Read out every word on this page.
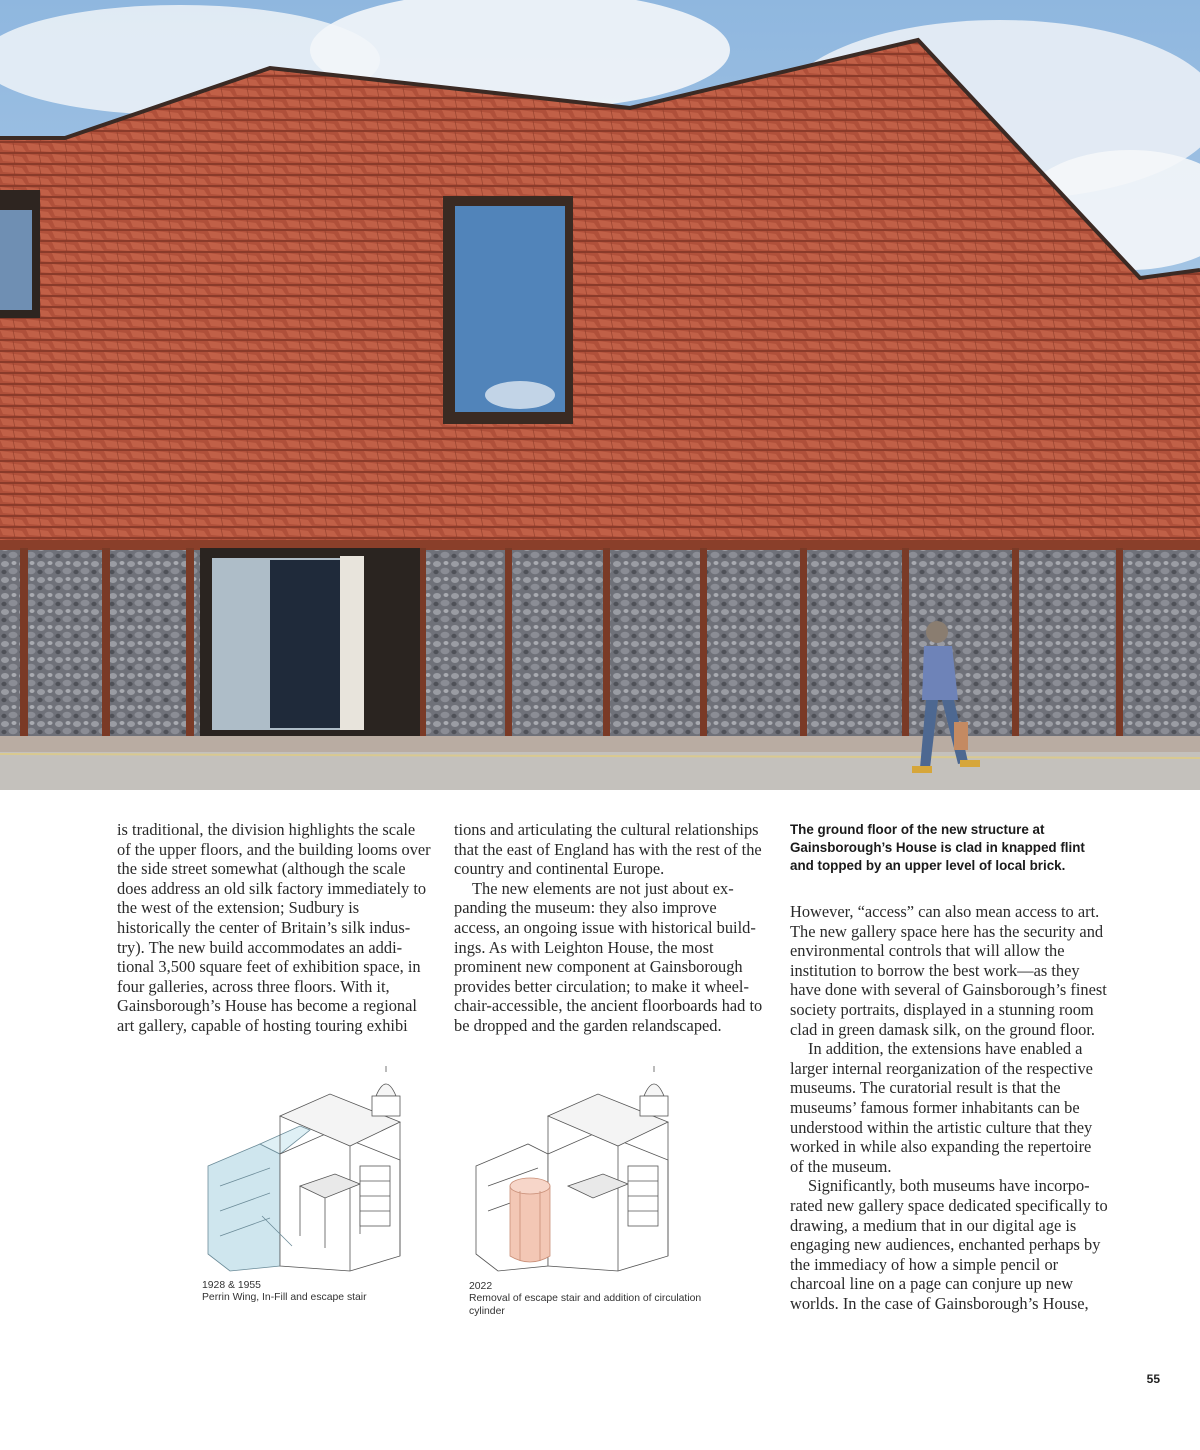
is traditional, the division highlights the scale of the upper floors, and the building looms over the side street somewhat (although the scale does address an old silk factory immediately to the west of the extension; Sudbury is historically the center of Britain’s silk industry). The new build accommodates an additional 3,500 square feet of exhibition space, in four galleries, across three floors. With it, Gainsborough’s House has become a regional art gallery, capable of hosting touring exhibi

tions and articulating the cultural relationships that the east of England has with the rest of the country and continental Europe.

The new elements are not just about expanding the museum: they also improve access, an ongoing issue with historical buildings. As with Leighton House, the most prominent new component at Gainsborough provides better circulation; to make it wheelchair-accessible, the ancient floorboards had to be dropped and the garden relandscaped.

The ground floor of the new structure at Gainsborough’s House is clad in knapped flint and topped by an upper level of local brick.

However, “access” can also mean access to art. The new gallery space here has the security and environmental controls that will allow the institution to borrow the best work—as they have done with several of Gainsborough’s finest society portraits, displayed in a stunning room clad in green damask silk, on the ground floor.

In addition, the extensions have enabled a larger internal reorganization of the respective museums. The curatorial result is that the museums’ famous former inhabitants can be understood within the artistic culture that they worked in while also expanding the repertoire of the museum.

Significantly, both museums have incorporated new gallery space dedicated specifically to drawing, a medium that in our digital age is engaging new audiences, enchanted perhaps by the immediacy of how a simple pencil or charcoal line on a page can conjure up new worlds. In the case of Gainsborough’s House,

1928 & 1955
Perrin Wing, In-Fill and escape stair
2022
Removal of escape stair and addition of circulation cylinder
55
